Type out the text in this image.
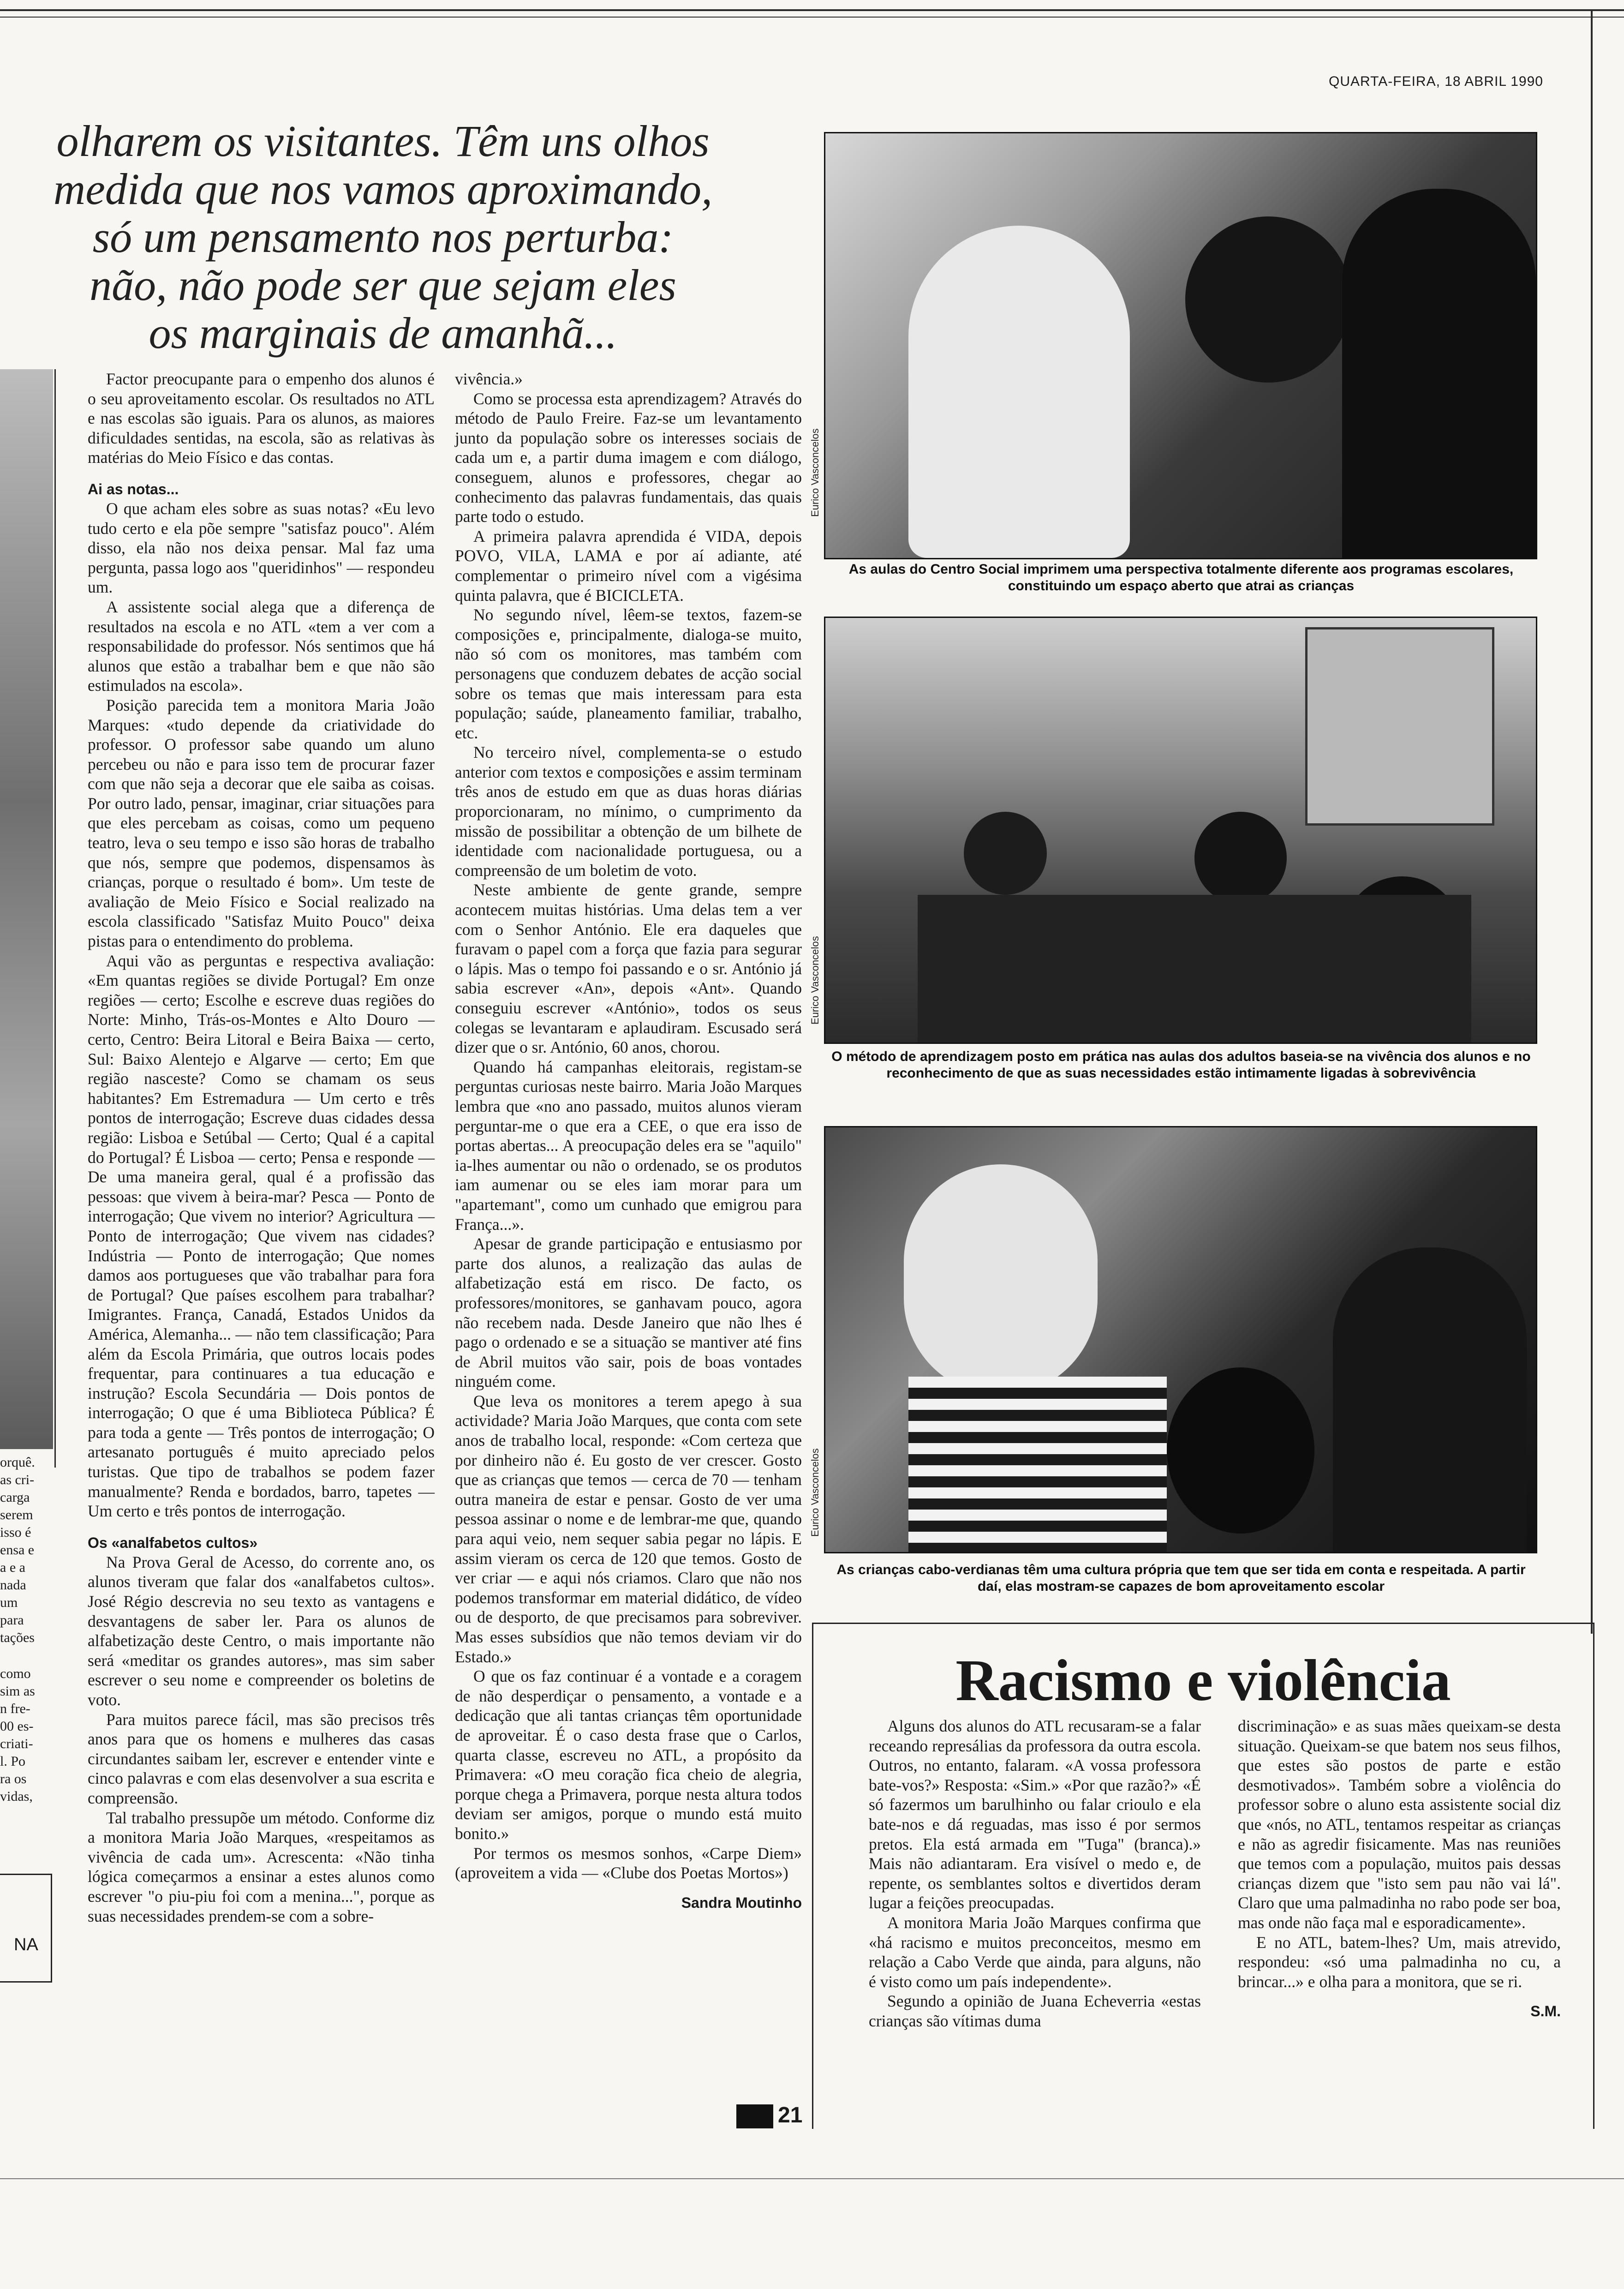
QUARTA-FEIRA, 18 ABRIL 1990
olharem os visitantes. Têm uns olhos
medida que nos vamos aproximando,
só um pensamento nos perturba:
não, não pode ser que sejam eles
os marginais de amanhã...
orquê.
as cri-
carga
serem
isso é
ensa e
a e a
nada
um
para
tações
como
sim as
n fre-
00 es-
criati-
l. Po
ra os
vidas,
NA

Factor preocupante para o empenho dos alunos é o seu aproveitamento escolar. Os resultados no ATL e nas escolas são iguais. Para os alunos, as maiores dificuldades sentidas, na escola, são as relativas às matérias do Meio Físico e das contas.

Ai as notas...

O que acham eles sobre as suas notas? «Eu levo tudo certo e ela põe sempre "satisfaz pouco". Além disso, ela não nos deixa pensar. Mal faz uma pergunta, passa logo aos "queridinhos" — respondeu um.

A assistente social alega que a diferença de resultados na escola e no ATL «tem a ver com a responsabilidade do professor. Nós sentimos que há alunos que estão a trabalhar bem e que não são estimulados na escola».

Posição parecida tem a monitora Maria João Marques: «tudo depende da criatividade do professor. O professor sabe quando um aluno percebeu ou não e para isso tem de procurar fazer com que não seja a decorar que ele saiba as coisas. Por outro lado, pensar, imaginar, criar situações para que eles percebam as coisas, como um pequeno teatro, leva o seu tempo e isso são horas de trabalho que nós, sempre que podemos, dispensamos às crianças, porque o resultado é bom». Um teste de avaliação de Meio Físico e Social realizado na escola classificado "Satisfaz Muito Pouco" deixa pistas para o entendimento do problema.

Aqui vão as perguntas e respectiva avaliação: «Em quantas regiões se divide Portugal? Em onze regiões — certo; Escolhe e escreve duas regiões do Norte: Minho, Trás-os-Montes e Alto Douro — certo, Centro: Beira Litoral e Beira Baixa — certo, Sul: Baixo Alentejo e Algarve — certo; Em que região nasceste? Como se chamam os seus habitantes? Em Estremadura — Um certo e três pontos de interrogação; Escreve duas cidades dessa região: Lisboa e Setúbal — Certo; Qual é a capital do Portugal? É Lisboa — certo; Pensa e responde — De uma maneira geral, qual é a profissão das pessoas: que vivem à beira-mar? Pesca — Ponto de interrogação; Que vivem no interior? Agricultura — Ponto de interrogação; Que vivem nas cidades? Indústria — Ponto de interrogação; Que nomes damos aos portugueses que vão trabalhar para fora de Portugal? Que países escolhem para trabalhar? Imigrantes. França, Canadá, Estados Unidos da América, Alemanha... — não tem classificação; Para além da Escola Primária, que outros locais podes frequentar, para continuares a tua educação e instrução? Escola Secundária — Dois pontos de interrogação; O que é uma Biblioteca Pública? É para toda a gente — Três pontos de interrogação; O artesanato português é muito apreciado pelos turistas. Que tipo de trabalhos se podem fazer manualmente? Renda e bordados, barro, tapetes — Um certo e três pontos de interrogação.

Os «analfabetos cultos»

Na Prova Geral de Acesso, do corrente ano, os alunos tiveram que falar dos «analfabetos cultos». José Régio descrevia no seu texto as vantagens e desvantagens de saber ler. Para os alunos de alfabetização deste Centro, o mais importante não será «meditar os grandes autores», mas sim saber escrever o seu nome e compreender os boletins de voto.

Para muitos parece fácil, mas são precisos três anos para que os homens e mulheres das casas circundantes saibam ler, escrever e entender vinte e cinco palavras e com elas desenvolver a sua escrita e compreensão.

Tal trabalho pressupõe um método. Conforme diz a monitora Maria João Marques, «respeitamos as vivência de cada um». Acrescenta: «Não tinha lógica começarmos a ensinar a estes alunos como escrever "o piu-piu foi com a menina...", porque as suas necessidades prendem-se com a sobre-

vivência.»

Como se processa esta aprendizagem? Através do método de Paulo Freire. Faz-se um levantamento junto da população sobre os interesses sociais de cada um e, a partir duma imagem e com diálogo, conseguem, alunos e professores, chegar ao conhecimento das palavras fundamentais, das quais parte todo o estudo.

A primeira palavra aprendida é VIDA, depois POVO, VILA, LAMA e por aí adiante, até complementar o primeiro nível com a vigésima quinta palavra, que é BICICLETA.

No segundo nível, lêem-se textos, fazem-se composições e, principalmente, dialoga-se muito, não só com os monitores, mas também com personagens que conduzem debates de acção social sobre os temas que mais interessam para esta população; saúde, planeamento familiar, trabalho, etc.

No terceiro nível, complementa-se o estudo anterior com textos e composições e assim terminam três anos de estudo em que as duas horas diárias proporcionaram, no mínimo, o cumprimento da missão de possibilitar a obtenção de um bilhete de identidade com nacionalidade portuguesa, ou a compreensão de um boletim de voto.

Neste ambiente de gente grande, sempre acontecem muitas histórias. Uma delas tem a ver com o Senhor António. Ele era daqueles que furavam o papel com a força que fazia para segurar o lápis. Mas o tempo foi passando e o sr. António já sabia escrever «An», depois «Ant». Quando conseguiu escrever «António», todos os seus colegas se levantaram e aplaudiram. Escusado será dizer que o sr. António, 60 anos, chorou.

Quando há campanhas eleitorais, registam-se perguntas curiosas neste bairro. Maria João Marques lembra que «no ano passado, muitos alunos vieram perguntar-me o que era a CEE, o que era isso de portas abertas... A preocupação deles era se "aquilo" ia-lhes aumentar ou não o ordenado, se os produtos iam aumenar ou se eles iam morar para um "apartemant", como um cunhado que emigrou para França...».

Apesar de grande participação e entusiasmo por parte dos alunos, a realização das aulas de alfabetização está em risco. De facto, os professores/monitores, se ganhavam pouco, agora não recebem nada. Desde Janeiro que não lhes é pago o ordenado e se a situação se mantiver até fins de Abril muitos vão sair, pois de boas vontades ninguém come.

Que leva os monitores a terem apego à sua actividade? Maria João Marques, que conta com sete anos de trabalho local, responde: «Com certeza que por dinheiro não é. Eu gosto de ver crescer. Gosto que as crianças que temos — cerca de 70 — tenham outra maneira de estar e pensar. Gosto de ver uma pessoa assinar o nome e de lembrar-me que, quando para aqui veio, nem sequer sabia pegar no lápis. E assim vieram os cerca de 120 que temos. Gosto de ver criar — e aqui nós criamos. Claro que não nos podemos transformar em material didático, de vídeo ou de desporto, de que precisamos para sobreviver. Mas esses subsídios que não temos deviam vir do Estado.»

O que os faz continuar é a vontade e a coragem de não desperdiçar o pensamento, a vontade e a dedicação que ali tantas crianças têm oportunidade de aproveitar. É o caso desta frase que o Carlos, quarta classe, escreveu no ATL, a propósito da Primavera: «O meu coração fica cheio de alegria, porque chega a Primavera, porque nesta altura todos deviam ser amigos, porque o mundo está muito bonito.»

Por termos os mesmos sonhos, «Carpe Diem» (aproveitem a vida — «Clube dos Poetas Mortos»)

Sandra Moutinho

Eurico Vasconcelos
As aulas do Centro Social imprimem uma perspectiva totalmente diferente aos programas escolares, constituindo um espaço aberto que atrai as crianças
Eurico Vasconcelos
O método de aprendizagem posto em prática nas aulas dos adultos baseia-se na vivência dos alunos e no reconhecimento de que as suas necessidades estão intimamente ligadas à sobrevivência
Eurico Vasconcelos
As crianças cabo-verdianas têm uma cultura própria que tem que ser tida em conta e respeitada. A partir daí, elas mostram-se capazes de bom aproveitamento escolar
Racismo e violência

Alguns dos alunos do ATL recusaram-se a falar receando represálias da professora da outra escola. Outros, no entanto, falaram. «A vossa professora bate-vos?» Resposta: «Sim.» «Por que razão?» «É só fazermos um barulhinho ou falar crioulo e ela bate-nos e dá reguadas, mas isso é por sermos pretos. Ela está armada em "Tuga" (branca).» Mais não adiantaram. Era visível o medo e, de repente, os semblantes soltos e divertidos deram lugar a feições preocupadas.

A monitora Maria João Marques confirma que «há racismo e muitos preconceitos, mesmo em relação a Cabo Verde que ainda, para alguns, não é visto como um país independente».

Segundo a opinião de Juana Echeverria «estas crianças são vítimas duma

discriminação» e as suas mães queixam-se desta situação. Queixam-se que batem nos seus filhos, que estes são postos de parte e estão desmotivados». Também sobre a violência do professor sobre o aluno esta assistente social diz que «nós, no ATL, tentamos respeitar as crianças e não as agredir fisicamente. Mas nas reuniões que temos com a população, muitos pais dessas crianças dizem que "isto sem pau não vai lá". Claro que uma palmadinha no rabo pode ser boa, mas onde não faça mal e esporadicamente».

E no ATL, batem-lhes? Um, mais atrevido, respondeu: «só uma palmadinha no cu, a brincar...» e olha para a monitora, que se ri.

S.M.

21
